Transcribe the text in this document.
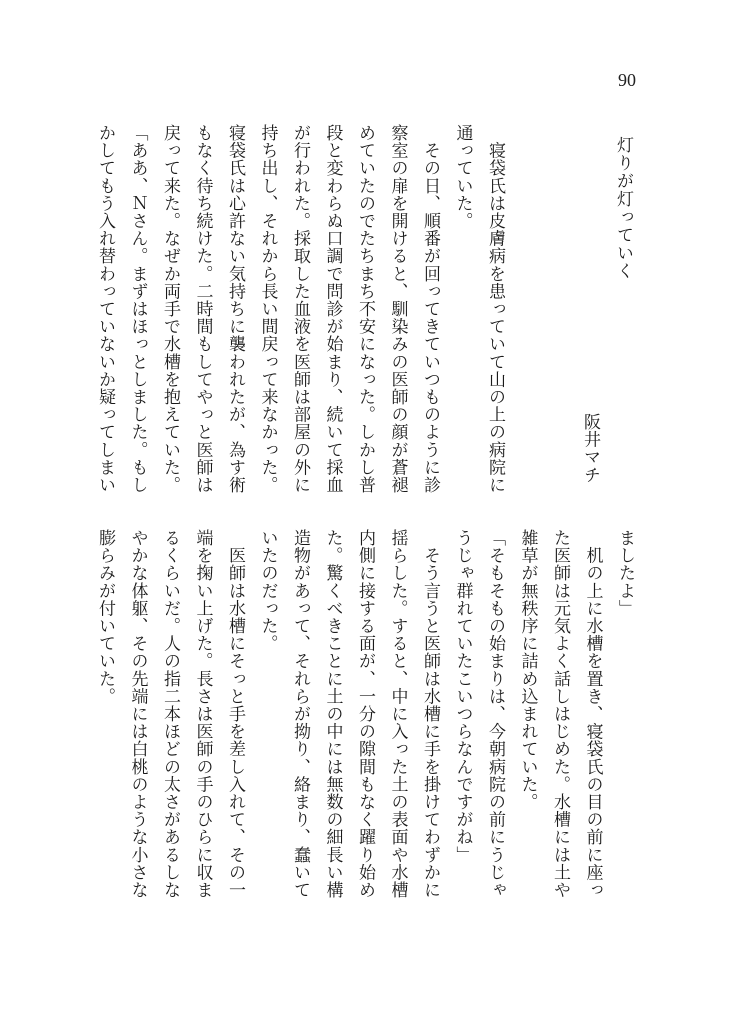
90
灯りが灯っていく
阪井マチ
　寝袋氏は皮膚病を患っていて山の上の病院に
通っていた。
　その日、順番が回ってきていつものように診
察室の扉を開けると、馴染みの医師の顔が蒼褪
めていたのでたちまち不安になった。しかし普
段と変わらぬ口調で問診が始まり、続いて採血
が行われた。採取した血液を医師は部屋の外に
持ち出し、それから長い間戻って来なかった。
寝袋氏は心許ない気持ちに襲われたが、為す術
もなく待ち続けた。二時間もしてやっと医師は
戻って来た。なぜか両手で水槽を抱えていた。
「ああ、Ｎさん。まずはほっとしました。もし
かしてもう入れ替わっていないか疑ってしまい
ましたよ」
　机の上に水槽を置き、寝袋氏の目の前に座っ
た医師は元気よく話しはじめた。水槽には土や
雑草が無秩序に詰め込まれていた。
「そもそもの始まりは、今朝病院の前にうじゃ
うじゃ群れていたこいつらなんですがね」
　そう言うと医師は水槽に手を掛けてわずかに
揺らした。すると、中に入った土の表面や水槽
内側に接する面が、一分の隙間もなく躍り始め
た。驚くべきことに土の中には無数の細長い構
造物があって、それらが拗り、絡まり、蠢いて
いたのだった。
　医師は水槽にそっと手を差し入れて、その一
端を掬い上げた。長さは医師の手のひらに収ま
るくらいだ。人の指二本ほどの太さがあるしな
やかな体躯、その先端には白桃のような小さな
膨らみが付いていた。
